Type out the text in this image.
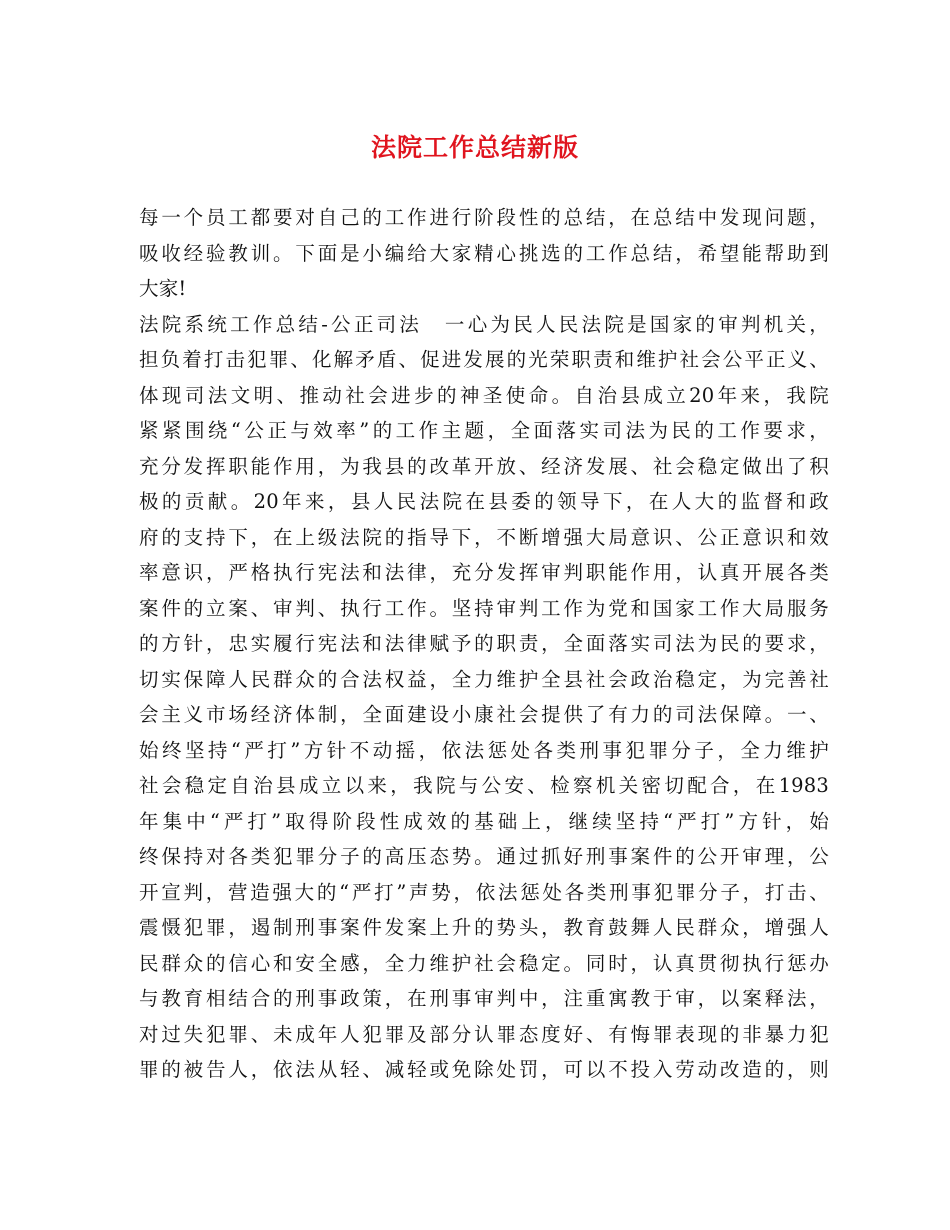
法院工作总结新版
每一个员工都要对自己的工作进行阶段性的总结，在总结中发现问题，
吸收经验教训。下面是小编给大家精心挑选的工作总结，希望能帮助到
大家!
法院系统工作总结-公正司法　一心为民人民法院是国家的审判机关，
担负着打击犯罪、化解矛盾、促进发展的光荣职责和维护社会公平正义、
体现司法文明、推动社会进步的神圣使命。自治县成立20年来，我院
紧紧围绕“公正与效率”的工作主题，全面落实司法为民的工作要求，
充分发挥职能作用，为我县的改革开放、经济发展、社会稳定做出了积
极的贡献。20年来，县人民法院在县委的领导下，在人大的监督和政
府的支持下，在上级法院的指导下，不断增强大局意识、公正意识和效
率意识，严格执行宪法和法律，充分发挥审判职能作用，认真开展各类
案件的立案、审判、执行工作。坚持审判工作为党和国家工作大局服务
的方针，忠实履行宪法和法律赋予的职责，全面落实司法为民的要求，
切实保障人民群众的合法权益，全力维护全县社会政治稳定，为完善社
会主义市场经济体制，全面建设小康社会提供了有力的司法保障。一、
始终坚持“严打”方针不动摇，依法惩处各类刑事犯罪分子，全力维护
社会稳定自治县成立以来，我院与公安、检察机关密切配合，在1983
年集中“严打”取得阶段性成效的基础上，继续坚持“严打”方针，始
终保持对各类犯罪分子的高压态势。通过抓好刑事案件的公开审理，公
开宣判，营造强大的“严打”声势，依法惩处各类刑事犯罪分子，打击、
震慑犯罪，遏制刑事案件发案上升的势头，教育鼓舞人民群众，增强人
民群众的信心和安全感，全力维护社会稳定。同时，认真贯彻执行惩办
与教育相结合的刑事政策，在刑事审判中，注重寓教于审，以案释法，
对过失犯罪、未成年人犯罪及部分认罪态度好、有悔罪表现的非暴力犯
罪的被告人，依法从轻、减轻或免除处罚，可以不投入劳动改造的，则
